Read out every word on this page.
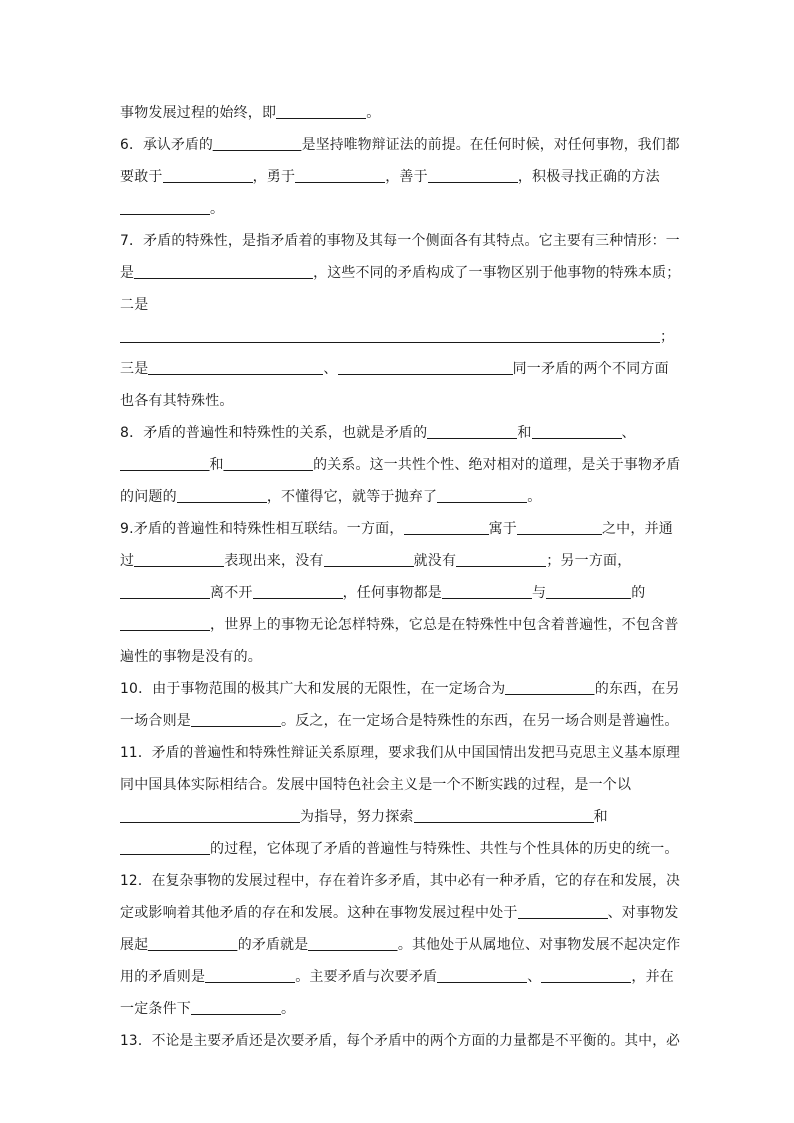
事物发展过程的始终，即	。
6．承认矛盾的	是坚持唯物辩证法的前提。在任何时候，对任何事物，我们都
要敢于	，勇于	，善于	，积极寻找正确的方法
。
7．矛盾的特殊性，是指矛盾着的事物及其每一个侧面各有其特点。它主要有三种情形：一
是	，这些不同的矛盾构成了一事物区别于他事物的特殊本质；
二是
；
三是	、	同一矛盾的两个不同方面
也各有其特殊性。
8．矛盾的普遍性和特殊性的关系，也就是矛盾的	和	、
和	的关系。这一共性个性、绝对相对的道理，是关于事物矛盾
的问题的	，不懂得它，就等于抛弃了	。
9.矛盾的普遍性和特殊性相互联结。一方面，	寓于	之中，并通
过	表现出来，没有	就没有	；另一方面，
离不开	，任何事物都是	与	的
，世界上的事物无论怎样特殊，它总是在特殊性中包含着普遍性，不包含普
遍性的事物是没有的。
10．由于事物范围的极其广大和发展的无限性，在一定场合为	的东西，在另
一场合则是	。反之，在一定场合是特殊性的东西，在另一场合则是普遍性。
11．矛盾的普遍性和特殊性辩证关系原理，要求我们从中国国情出发把马克思主义基本原理
同中国具体实际相结合。发展中国特色社会主义是一个不断实践的过程，是一个以
为指导，努力探索	和
的过程，它体现了矛盾的普遍性与特殊性、共性与个性具体的历史的统一。
12．在复杂事物的发展过程中，存在着许多矛盾，其中必有一种矛盾，它的存在和发展，决
定或影响着其他矛盾的存在和发展。这种在事物发展过程中处于	、对事物发
展起	的矛盾就是	。其他处于从属地位、对事物发展不起决定作
用的矛盾则是	。主要矛盾与次要矛盾	、	，并在
一定条件下	。
13．不论是主要矛盾还是次要矛盾，每个矛盾中的两个方面的力量都是不平衡的。其中，必
